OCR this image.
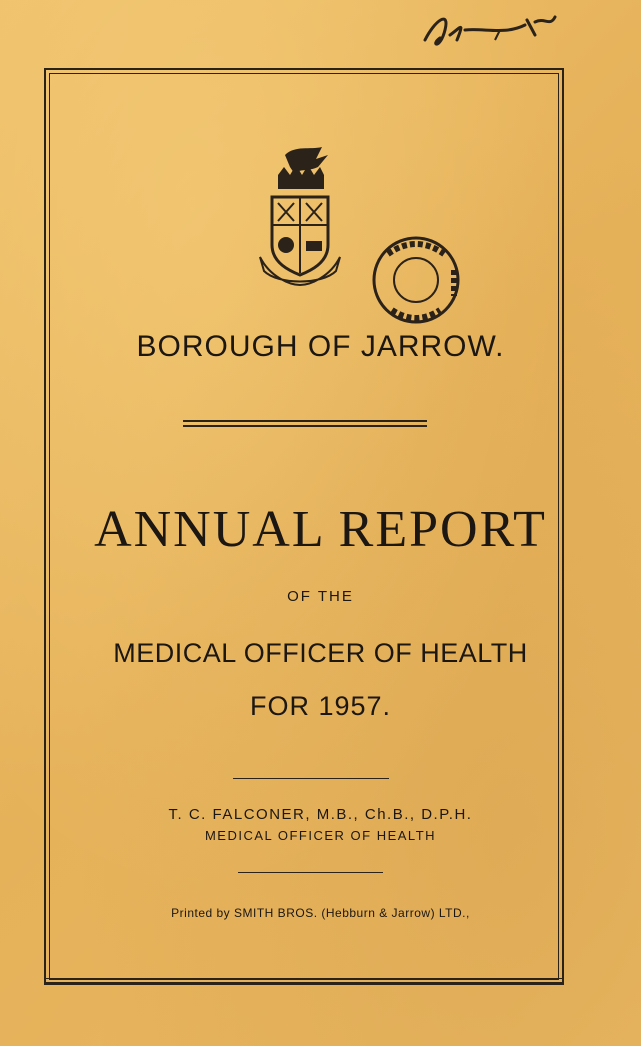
BOROUGH OF JARROW.
ANNUAL REPORT
OF THE
MEDICAL OFFICER OF HEALTH
FOR 1957.
T. C. FALCONER, M.B., Ch.B., D.P.H.
MEDICAL OFFICER OF HEALTH
Printed by SMITH BROS. (Hebburn & Jarrow) LTD.,
